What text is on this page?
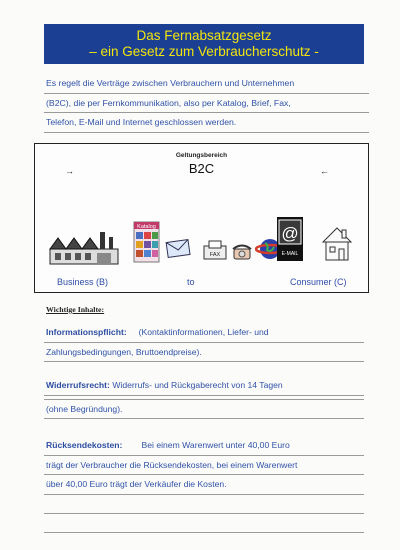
Das Fernabsatzgesetz
– ein Gesetz zum Verbraucherschutz -
Es regelt die Verträge zwischen Verbrauchern und Unternehmen
(B2C), die per Fernkommunikation, also per Katalog, Brief, Fax,
Telefon, E-Mail und Internet geschlossen werden.
Geltungsbereich
B2C
→	←
Katalog
FAX
@
E-MAIL
Business (B)	to	Consumer (C)
Wichtige Inhalte:
Informationspflicht: (Kontaktinformationen, Liefer- und
Zahlungsbedingungen, Bruttoendpreise).
Widerrufsrecht: Widerrufs- und Rückgaberecht von 14 Tagen
(ohne Begründung).
Rücksendekosten: Bei einem Warenwert unter 40,00 Euro
trägt der Verbraucher die Rücksendekosten, bei einem Warenwert
über 40,00 Euro trägt der Verkäufer die Kosten.
